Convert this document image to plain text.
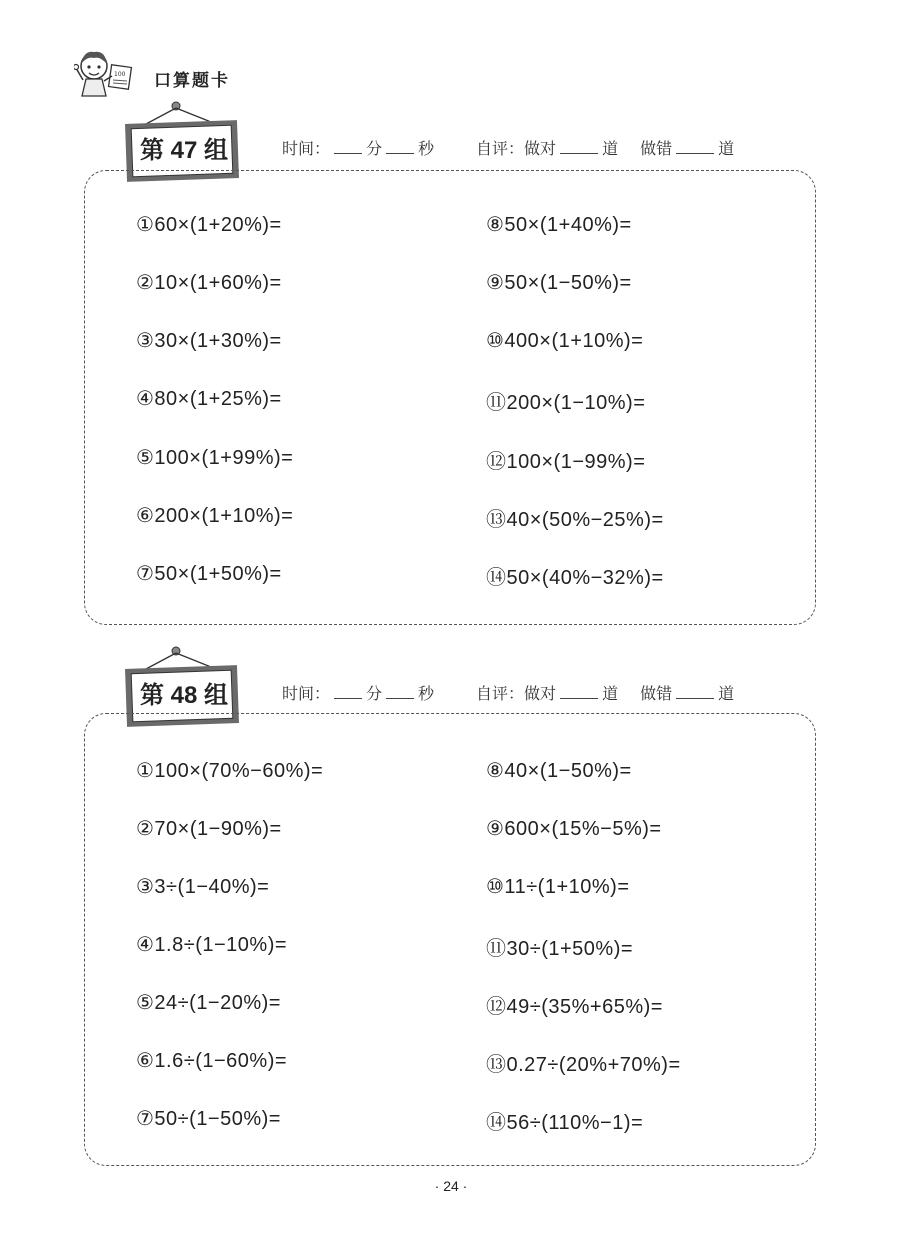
100 口算题卡
第 47 组	时间： 分 秒	自评：做对	道 做错	道
①60×(1+20%)=
②10×(1+60%)=
③30×(1+30%)=
④80×(1+25%)=
⑤100×(1+99%)=
⑥200×(1+10%)=
⑦50×(1+50%)=
⑧50×(1+40%)=
⑨50×(1−50%)=
⑩400×(1+10%)=
⑪200×(1−10%)=
⑫100×(1−99%)=
⑬40×(50%−25%)=
⑭50×(40%−32%)=
第 48 组	时间： 分 秒	自评：做对	道 做错	道
①100×(70%−60%)=
②70×(1−90%)=
③3÷(1−40%)=
④1.8÷(1−10%)=
⑤24÷(1−20%)=
⑥1.6÷(1−60%)=
⑦50÷(1−50%)=
⑧40×(1−50%)=
⑨600×(15%−5%)=
⑩11÷(1+10%)=
⑪30÷(1+50%)=
⑫49÷(35%+65%)=
⑬0.27÷(20%+70%)=
⑭56÷(110%−1)=
· 24 ·
